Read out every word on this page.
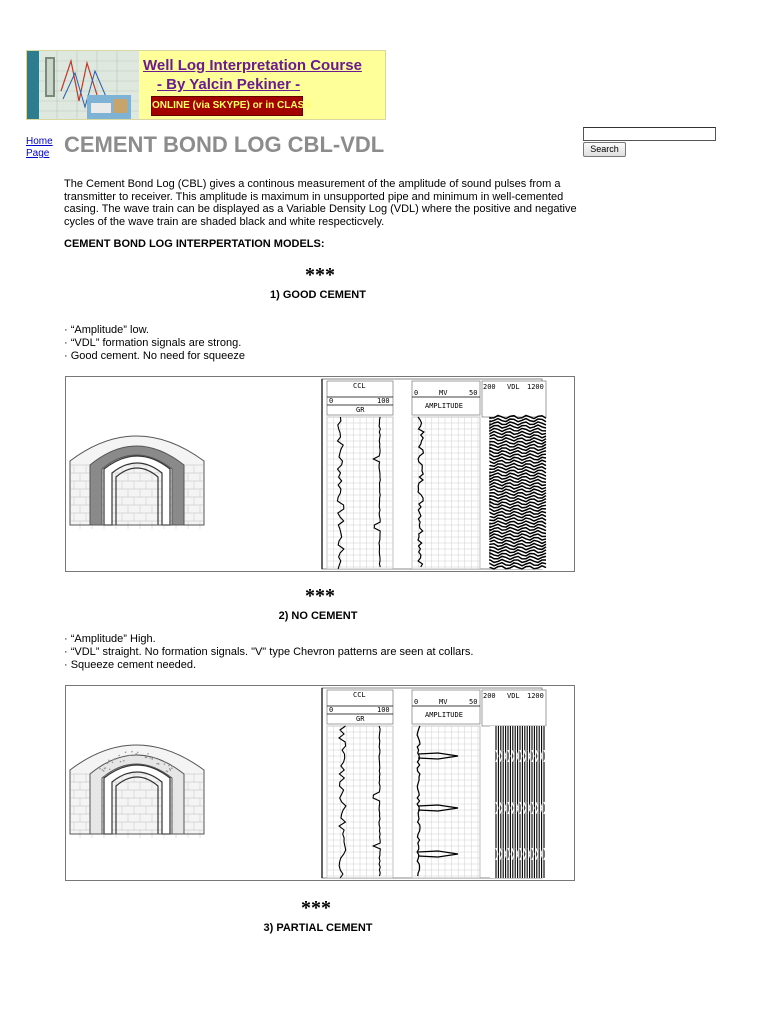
Well Log Interpretation Course
- By Yalcin Pekiner -
ONLINE (via SKYPE) or in CLASS
Home Page CEMENT BOND LOG CBL-VDL	Search
The Cement Bond Log (CBL) gives a continous measurement of the amplitude of sound pulses from a transmitter to receiver. This amplitude is maximum in unsupported pipe and minimum in well-cemented casing. The wave train can be displayed as a Variable Density Log (VDL) where the positive and negative cycles of the wave train are shaded black and white respecticvely.
CEMENT BOND LOG INTERPERTATION MODELS:
***
1) GOOD CEMENT
· “Amplitude” low.
· “VDL” formation signals are strong.
· Good cement. No need for squeeze
CCL
0	100
GR
0	MV	50
AMPLITUDE
200 VDL 1200
***
2) NO CEMENT
· “Amplitude” High.
· “VDL” straight. No formation signals. "V" type Chevron patterns are seen at collars.
· Squeeze cement needed.
CCL
0	100
GR
0	MV	50
AMPLITUDE
200 VDL 1200
***
3) PARTIAL CEMENT
